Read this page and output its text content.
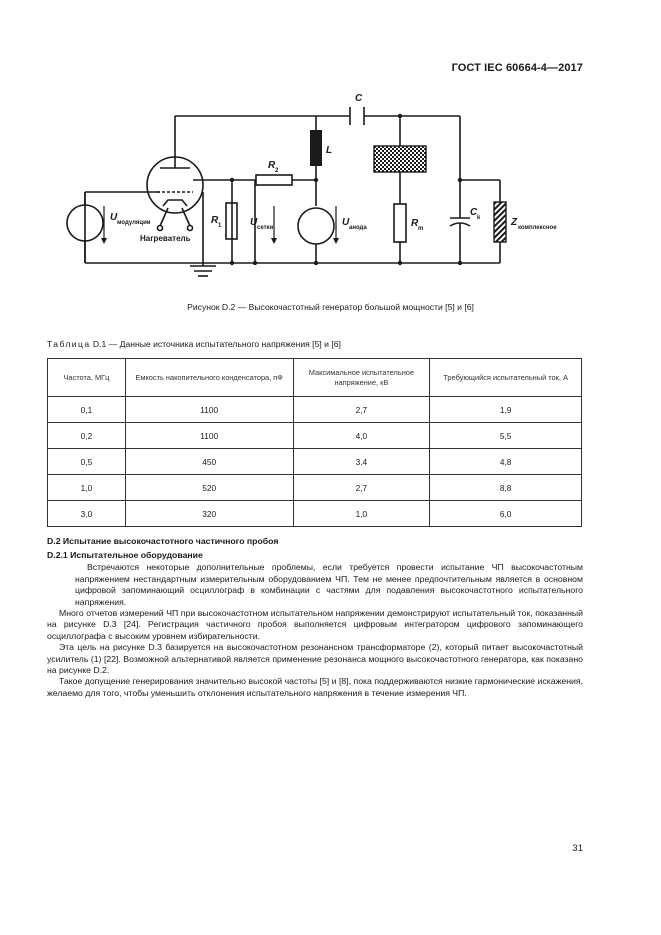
ГОСТ IEC 60664-4—2017
C
L
R 2
R 1	R m
C k
U модуляции	U сетки	U анода	Z комплексное
Нагреватель
Рисунок D.2 — Высокочастотный генератор большой мощности [5] и [6]
Таблица D.1 — Данные источника испытательного напряжения [5] и [6]
Частота, МГц	Емкость накопительного конденсатора, пФ	Максимальное испытательное напряжение, кВ	Требующийся испытательный ток, А
0,1	1100	2,7	1,9
0,2	1100	4,0	5,5
0,5	450	3,4	4,8
1,0	520	2,7	8,8
3,0	320	1,0	6,0
D.2 Испытание высокочастотного частичного пробоя
D.2.1 Испытательное оборудование

Встречаются некоторые дополнительные проблемы, если требуется провести испытание ЧП высокочастотным напряжением нестандартным измерительным оборудованием ЧП. Тем не менее предпочтительным является в основном цифровой запоминающий осциллограф в комбинации с частями для подавления высокочастотного испытательного напряжения.

Много отчетов измерений ЧП при высокочастотном испытательном напряжении демонстрируют испытательный ток, показанный на рисунке D.3 [24]. Регистрация частичного пробоя выполняется цифровым интегратором цифрового запоминающего осциллографа с высоким уровнем избирательности.

Эта цель на рисунке D.3 базируется на высокочастотном резонансном трансформаторе (2), который питает высокочастотный усилитель (1) [22]. Возможной альтернативой является применение резонанса мощного высокочастотного генератора, как показано на рисунке D.2.

Такое допущение генерирования значительно высокой частоты [5] и [8], пока поддерживаются низкие гармонические искажения, желаемо для того, чтобы уменьшить отклонения испытательного напряжения в течение измерения ЧП.

31
